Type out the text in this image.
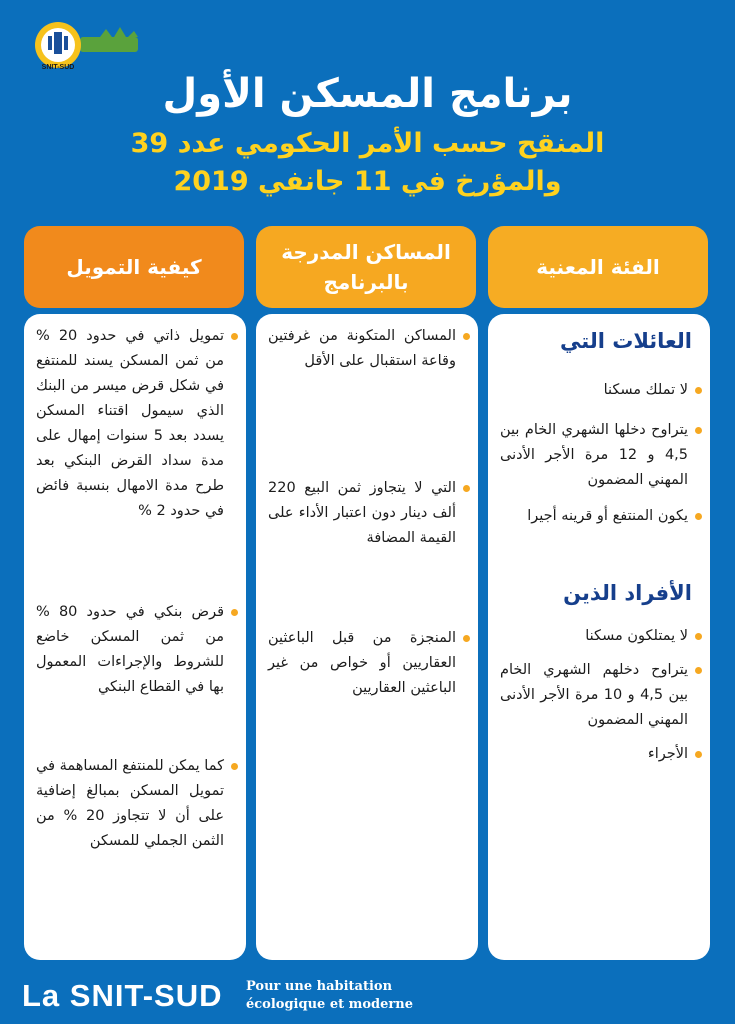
SNIT-SUD
برنامج المسكن الأول
المنقح حسب الأمر الحكومي عدد 39
والمؤرخ في 11 جانفي 2019
كيفية التمويل
المساكن المدرجة بالبرنامج
الفئة المعنية
تمويل ذاتي في حدود 20 % من ثمن المسكن يسند للمنتفع في شكل قرض ميسر من البنك الذي سيمول اقتناء المسكن يسدد بعد 5 سنوات إمهال على مدة سداد القرض البنكي بعد طرح مدة الامهال بنسبة فائض في حدود 2 %
قرض بنكي في حدود 80 % من ثمن المسكن خاضع للشروط والإجراءات المعمول بها في القطاع البنكي
كما يمكن للمنتفع المساهمة في تمويل المسكن بمبالغ إضافية على أن لا تتجاوز 20 % من الثمن الجملي للمسكن
المساكن المتكونة من غرفتين وقاعة استقبال على الأقل
التي لا يتجاوز ثمن البيع 220 ألف دينار دون اعتبار الأداء على القيمة المضافة
المنجزة من قبل الباعثين العقاريين أو خواص من غير الباعثين العقاريين
العائلات التي
لا تملك مسكنا
يتراوح دخلها الشهري الخام بين 4,5 و 12 مرة الأجر الأدنى المهني المضمون
يكون المنتفع أو قرينه أجيرا
الأفراد الذين
لا يمتلكون مسكنا
يتراوح دخلهم الشهري الخام بين 4,5 و 10 مرة الأجر الأدنى المهني المضمون
الأجراء
La SNIT-SUD Pour une habitation
écologique et moderne
